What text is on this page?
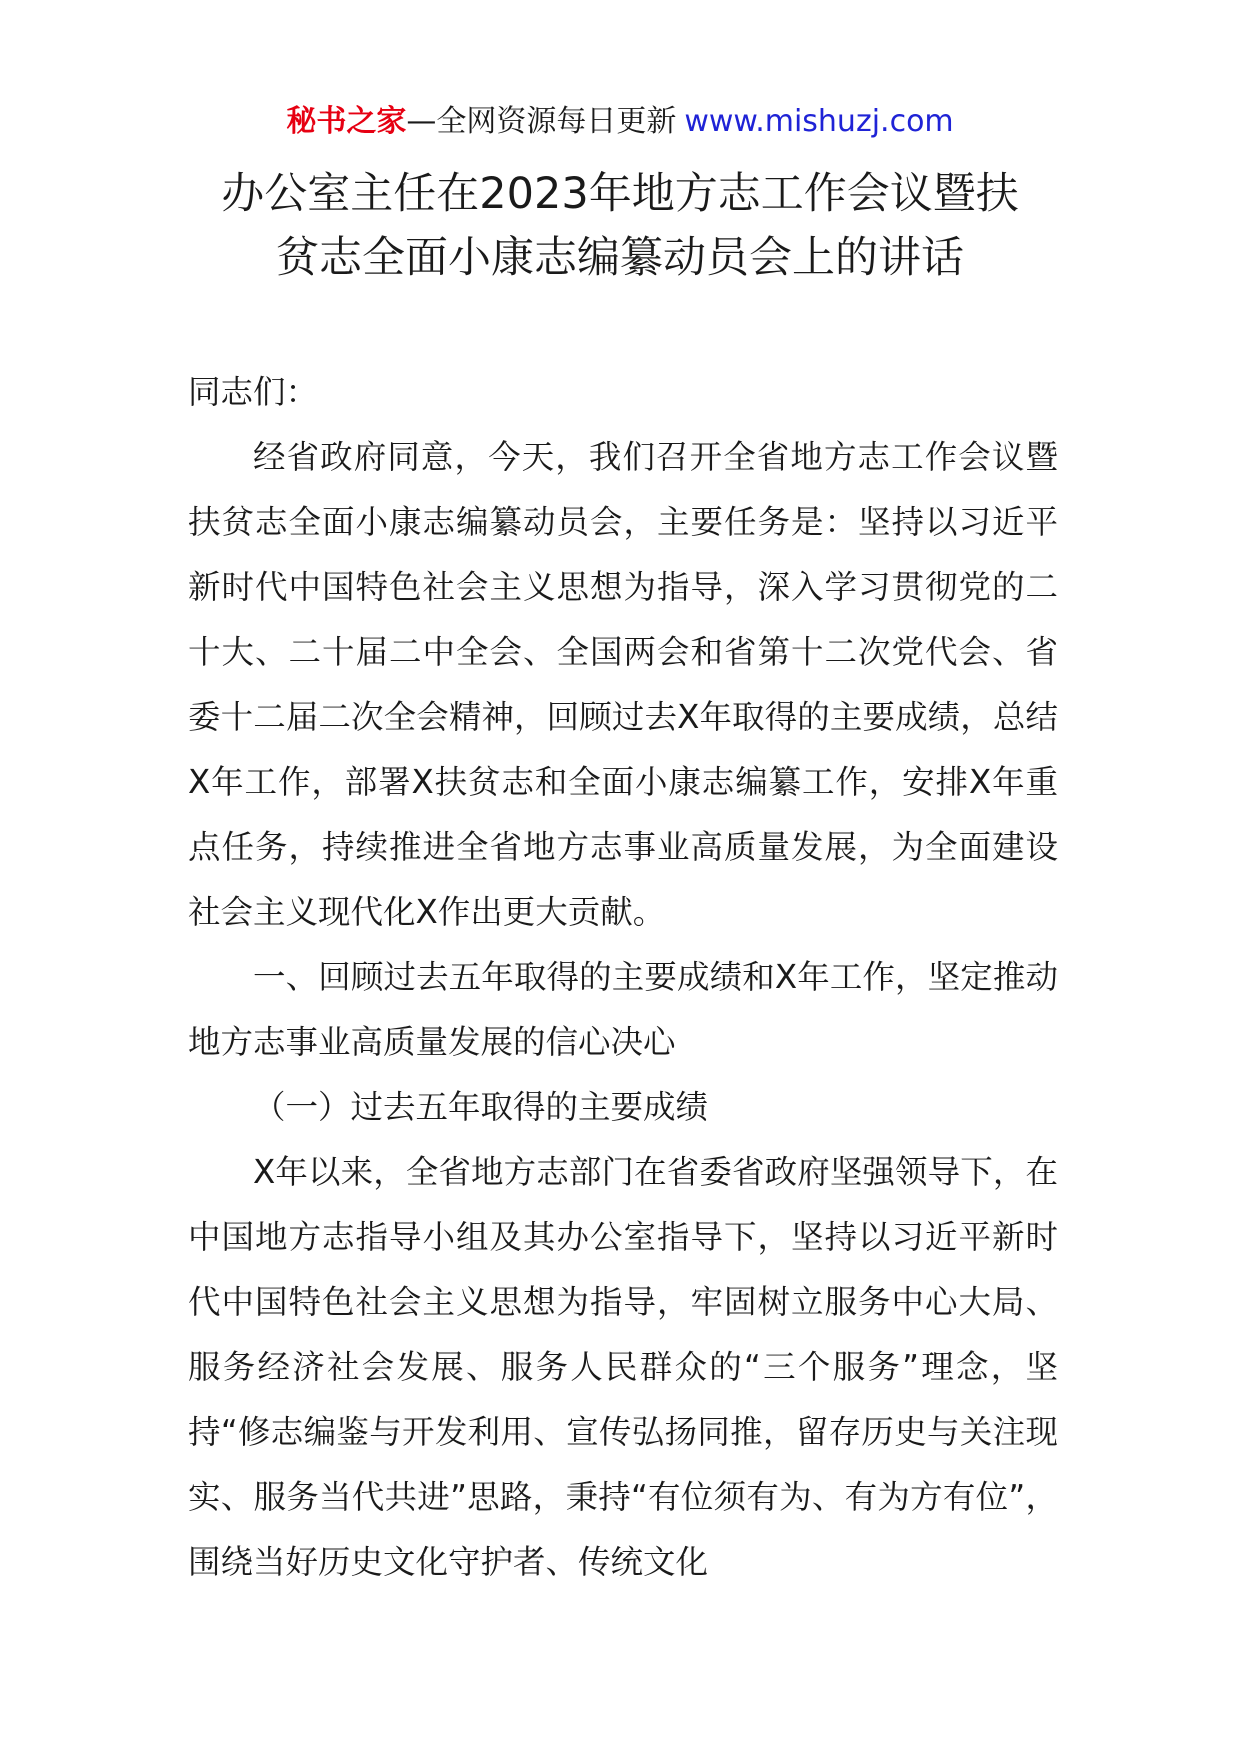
秘书之家—全网资源每日更新 www.mishuzj.com
办公室主任在2023年地方志工作会议暨扶
贫志全面小康志编纂动员会上的讲话

同志们：

经省政府同意，今天，我们召开全省地方志工作会议暨扶贫志全面小康志编纂动员会，主要任务是：坚持以习近平新时代中国特色社会主义思想为指导，深入学习贯彻党的二十大、二十届二中全会、全国两会和省第十二次党代会、省委十二届二次全会精神，回顾过去X年取得的主要成绩，总结X年工作，部署X扶贫志和全面小康志编纂工作，安排X年重点任务，持续推进全省地方志事业高质量发展，为全面建设社会主义现代化X作出更大贡献。

一、回顾过去五年取得的主要成绩和X年工作，坚定推动地方志事业高质量发展的信心决心

（一）过去五年取得的主要成绩

X年以来，全省地方志部门在省委省政府坚强领导下，在中国地方志指导小组及其办公室指导下，坚持以习近平新时代中国特色社会主义思想为指导，牢固树立服务中心大局、服务经济社会发展、服务人民群众的“三个服务”理念，坚持“修志编鉴与开发利用、宣传弘扬同推，留存历史与关注现实、服务当代共进”思路，秉持“有位须有为、有为方有位”，围绕当好历史文化守护者、传统文化
